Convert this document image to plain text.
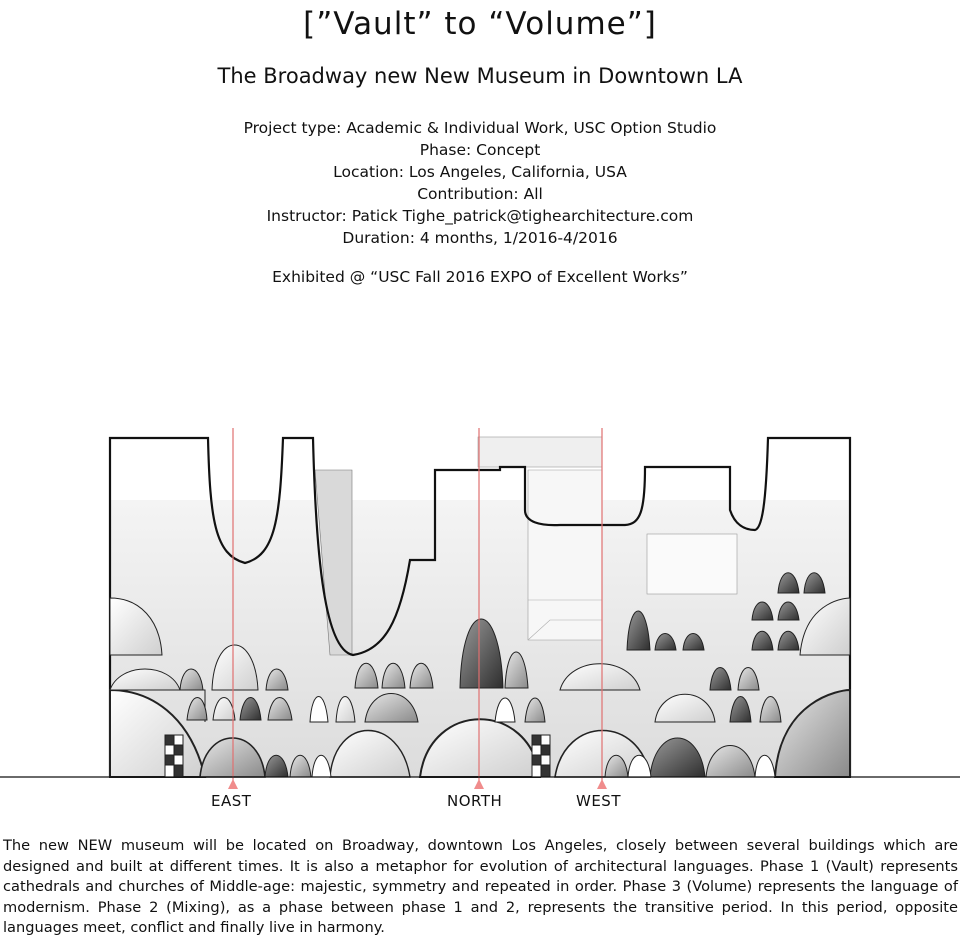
[”Vault” to “Volume”]
The Broadway new New Museum in Downtown LA
Project type: Academic & Individual Work, USC Option Studio
Phase: Concept
Location: Los Angeles, California, USA
Contribution: All
Instructor: Patick Tighe_patrick@tighearchitecture.com
Duration: 4 months, 1/2016-4/2016
Exhibited @ “USC Fall 2016 EXPO of Excellent Works”
EAST	NORTH	WEST
The new NEW museum will be located on Broadway, downtown Los Angeles, closely between several buildings which are designed and built at different times. It is also a metaphor for evolution of architectural languages. Phase 1 (Vault) represents cathedrals and churches of Middle-age: majestic, symmetry and repeated in order. Phase 3 (Volume) represents the language of modernism. Phase 2 (Mixing), as a phase between phase 1 and 2, represents the transitive period. In this period, opposite languages meet, conflict and finally live in harmony.
